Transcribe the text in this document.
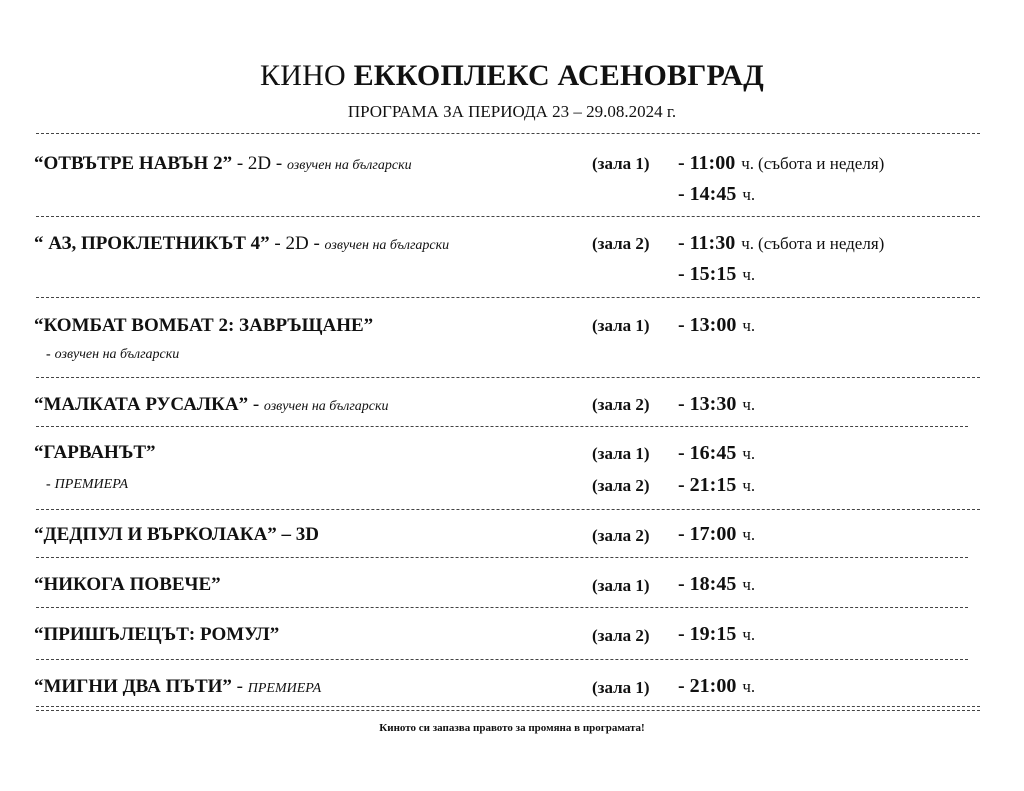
КИНО ЕККОПЛЕКС АСЕНОВГРАД
ПРОГРАМА ЗА ПЕРИОДА 23 – 29.08.2024 г.
“ОТВЪТРЕ НАВЪН 2” - 2D - озвучен на български	(зала 1) - 11:00 ч. (събота и неделя)
- 14:45 ч.
“ АЗ, ПРОКЛЕТНИКЪТ 4” - 2D - озвучен на български	(зала 2) - 11:30 ч. (събота и неделя)
- 15:15 ч.
“КОМБАТ ВОМБАТ 2: ЗАВРЪЩАНЕ”
- озвучен на български
(зала 1) - 13:00 ч.
“МАЛКАТА РУСАЛКА” - озвучен на български	(зала 2) - 13:30 ч.
“ГАРВАНЪТ”
- ПРЕМИЕРА
(зала 1) - 16:45 ч.
(зала 2) - 21:15 ч.
“ДЕДПУЛ И ВЪРКОЛАКА” – 3D	(зала 2) - 17:00 ч.
“НИКОГА ПОВЕЧЕ”	(зала 1) - 18:45 ч.
“ПРИШЪЛЕЦЪТ: РОМУЛ”	(зала 2) - 19:15 ч.
“МИГНИ ДВА ПЪТИ” - ПРЕМИЕРА	(зала 1) - 21:00 ч.
Киното си запазва правото за промяна в програмата!
